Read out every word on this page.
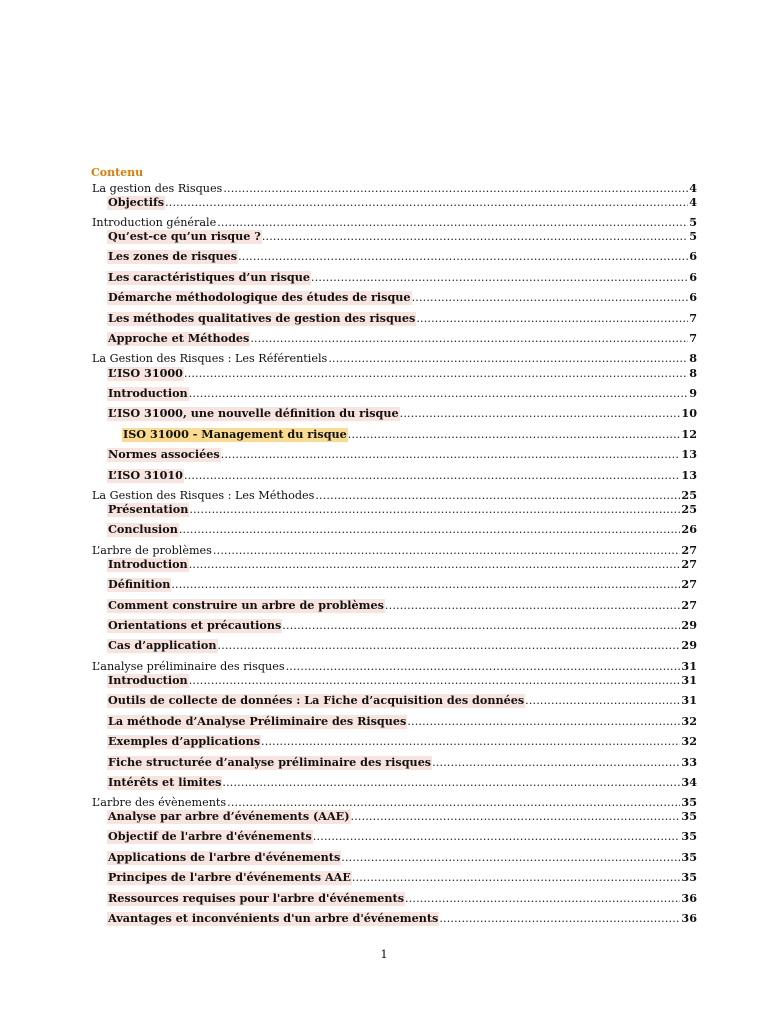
Contenu
La gestion des Risques .....	4
Objectifs .....	4
Introduction générale .....	5
Qu’est-ce qu’un risque ? .....	5
Les zones de risques .....	6
Les caractéristiques d’un risque .....	6
Démarche méthodologique des études de risque .....	6
Les méthodes qualitatives de gestion des risques .....	7
Approche et Méthodes .....	7
La Gestion des Risques : Les Référentiels .....	8
L’ISO 31000 .....	8
Introduction .....	9
L’ISO 31000, une nouvelle définition du risque .....	10
ISO 31000 - Management du risque .....	12
Normes associées .....	13
L’ISO 31010 .....	13
La Gestion des Risques : Les Méthodes .....	25
Présentation .....	25
Conclusion .....	26
L’arbre de problèmes .....	27
Introduction .....	27
Définition .....	27
Comment construire un arbre de problèmes .....	27
Orientations et précautions .....	29
Cas d’application .....	29
L’analyse préliminaire des risques .....	31
Introduction .....	31
Outils de collecte de données : La Fiche d’acquisition des données .....	31
La méthode d’Analyse Préliminaire des Risques .....	32
Exemples d’applications .....	32
Fiche structurée d’analyse préliminaire des risques .....	33
Intérêts et limites .....	34
L’arbre des évènements .....	35
Analyse par arbre d’événements (AAE) .....	35
Objectif de l'arbre d'événements .....	35
Applications de l'arbre d'événements .....	35
Principes de l'arbre d'événements AAE .....	35
Ressources requises pour l'arbre d'événements .....	36
Avantages et inconvénients d'un arbre d'événements .....	36
1
